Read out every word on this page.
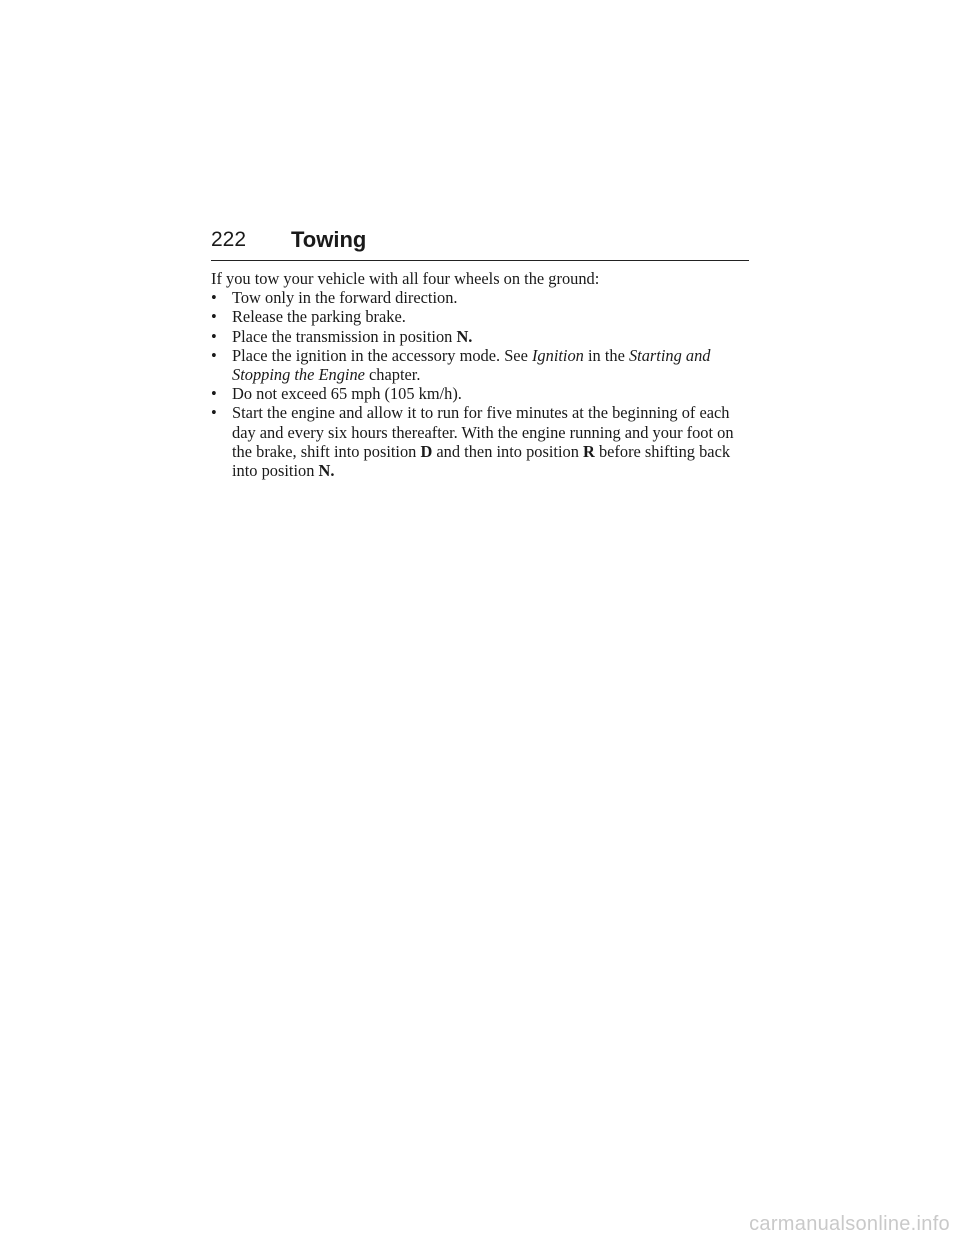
222 Towing

If you tow your vehicle with all four wheels on the ground:

• Tow only in the forward direction.
• Release the parking brake.
• Place the transmission in position N.
• Place the ignition in the accessory mode. See Ignition in the Starting and Stopping the Engine chapter.
• Do not exceed 65 mph (105 km/h).
• Start the engine and allow it to run for five minutes at the beginning of each day and every six hours thereafter. With the engine running and your foot on the brake, shift into position D and then into position R before shifting back into position N.
carmanualsonline.info
